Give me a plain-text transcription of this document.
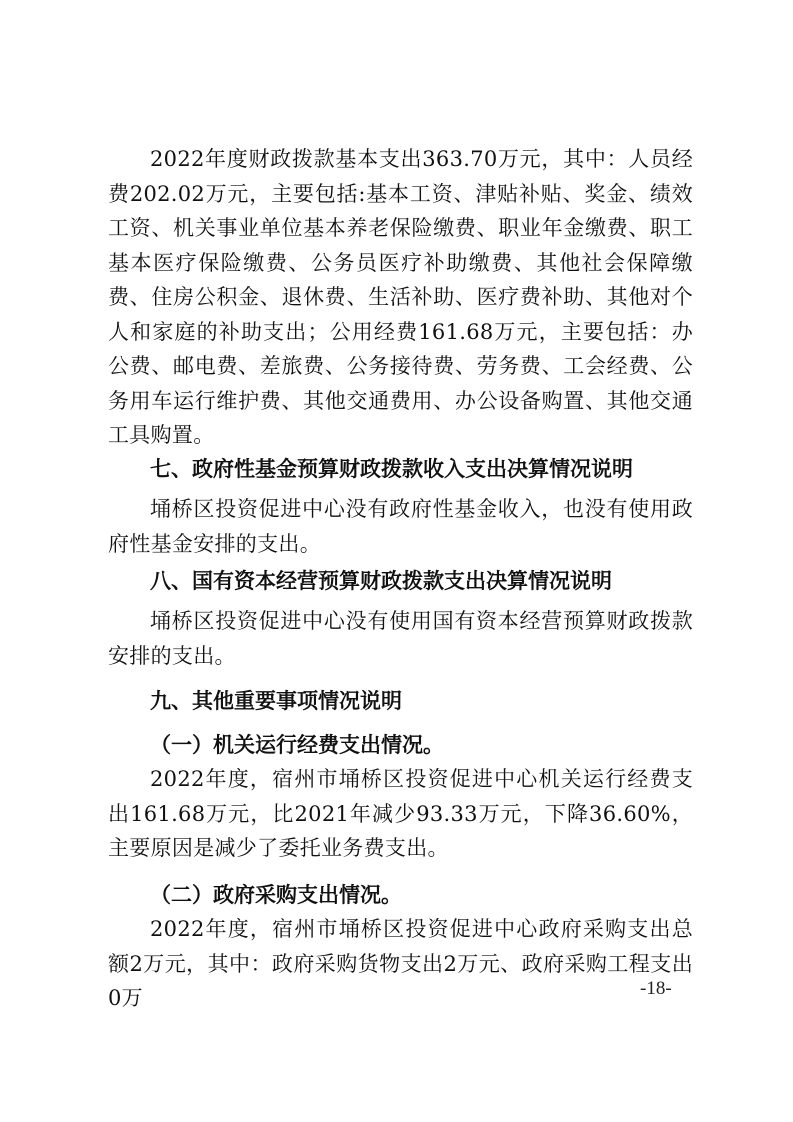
2022年度财政拨款基本支出363.70万元，其中：人员经费202.02万元，主要包括:基本工资、津贴补贴、奖金、绩效工资、机关事业单位基本养老保险缴费、职业年金缴费、职工基本医疗保险缴费、公务员医疗补助缴费、其他社会保障缴费、住房公积金、退休费、生活补助、医疗费补助、其他对个人和家庭的补助支出；公用经费161.68万元，主要包括：办公费、邮电费、差旅费、公务接待费、劳务费、工会经费、公务用车运行维护费、其他交通费用、办公设备购置、其他交通工具购置。

七、政府性基金预算财政拨款收入支出决算情况说明

埇桥区投资促进中心没有政府性基金收入，也没有使用政府性基金安排的支出。

八、国有资本经营预算财政拨款支出决算情况说明

埇桥区投资促进中心没有使用国有资本经营预算财政拨款安排的支出。

九、其他重要事项情况说明

（一）机关运行经费支出情况。

2022年度，宿州市埇桥区投资促进中心机关运行经费支出161.68万元，比2021年减少93.33万元，下降36.60%，主要原因是减少了委托业务费支出。

（二）政府采购支出情况。

2022年度，宿州市埇桥区投资促进中心政府采购支出总额2万元，其中：政府采购货物支出2万元、政府采购工程支出0万	-18-
